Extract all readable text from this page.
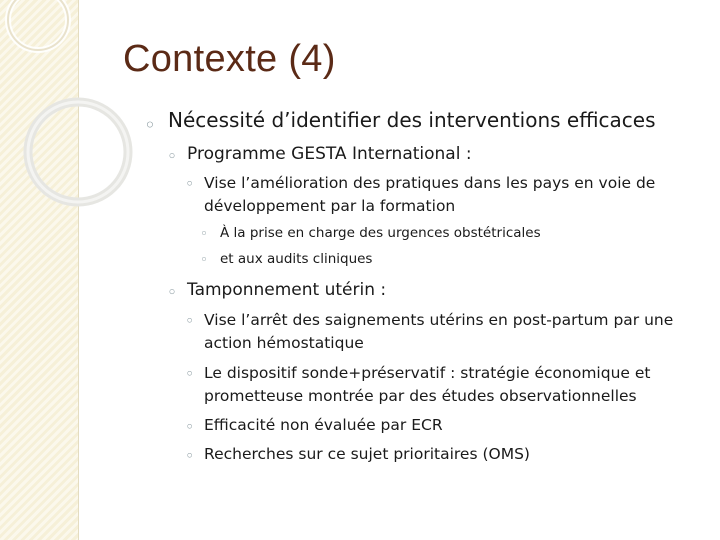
Contexte (4)
◦ Nécessité d’identifier des interventions efficaces
◦ Programme GESTA International :
◦ Vise l’amélioration des pratiques dans les pays en voie de
développement par la formation
◦ À la prise en charge des urgences obstétricales
◦ et aux audits cliniques
◦ Tamponnement utérin :
◦ Vise l’arrêt des saignements utérins en post-partum par une
action hémostatique
◦ Le dispositif sonde+préservatif : stratégie économique et
prometteuse montrée par des études observationnelles
◦ Efficacité non évaluée par ECR
◦ Recherches sur ce sujet prioritaires (OMS)
